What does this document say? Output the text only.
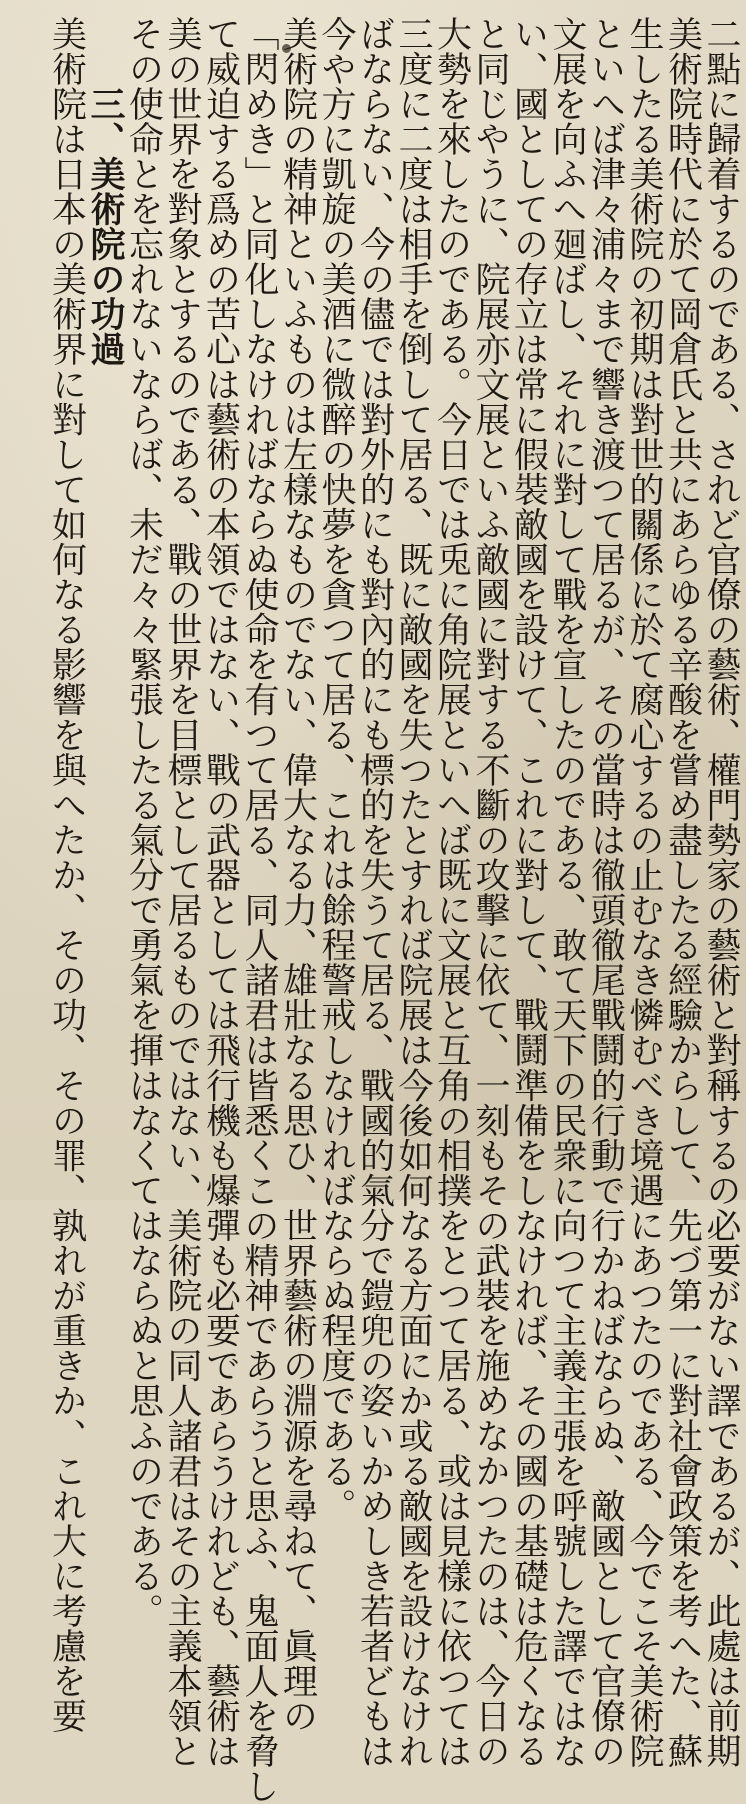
二點に歸着するのである、されど官僚の藝術、權門勢家の藝術と對稱するの必要がない譯であるが、此處は前期
美術院時代に於て岡倉氏と共にあらゆる辛酸を嘗め盡したる經驗からして、先づ第一に對社會政策を考へた、蘇
生したる美術院の初期は對世的關係に於て腐心するの止むなき憐むべき境遇にあつたのである、今でこそ美術院
といへば津々浦々まで響き渡つて居るが、その當時は徹頭徹尾戰鬪的行動で行かねばならぬ、敵國として官僚の
文展を向ふへ廻ばし、それに對して戰を宣したのである、敢て天下の民衆に向つて主義主張を呼號した譯ではな
い、國としての存立は常に假裝敵國を設けて、これに對して、戰鬪準備をしなければ、その國の基礎は危くなる
と同じやうに、院展亦文展といふ敵國に對する不斷の攻擊に依て、一刻もその武裝を施めなかつたのは、今日の
大勢を來したのである。今日では兎に角院展といへば既に文展と互角の相撲をとつて居る、或は見樣に依つては
三度に二度は相手を倒して居る、既に敵國を失つたとすれば院展は今後如何なる方面にか或る敵國を設けなけれ
ばならない、今の儘では對外的にも對內的にも標的を失うて居る、戰國的氣分で鎧兜の姿いかめしき若者どもは
今や方に凱旋の美酒に微醉の快夢を貪つて居る、これは餘程警戒しなければならぬ程度である。
美術院の精神といふものは左樣なものでない、偉大なる力、雄壯なる思ひ、世界藝術の淵源を尋ねて、眞理の
「閃めき」と同化しなければならぬ使命を有つて居る、同人諸君は皆悉くこの精神であらうと思ふ、鬼面人を脅し
て威迫する爲めの苦心は藝術の本領ではない、戰の武器としては飛行機も爆彈も必要であらうけれども、藝術は
美の世界を對象とするのである、戰の世界を目標として居るものではない、美術院の同人諸君はその主義本領と
その使命とを忘れないならば、未だ々々緊張したる氣分で勇氣を揮はなくてはならぬと思ふのである。
三、美術院の功過
美術院は日本の美術界に對して如何なる影響を與へたか、その功、その罪、孰れが重きか、これ大に考慮を要
